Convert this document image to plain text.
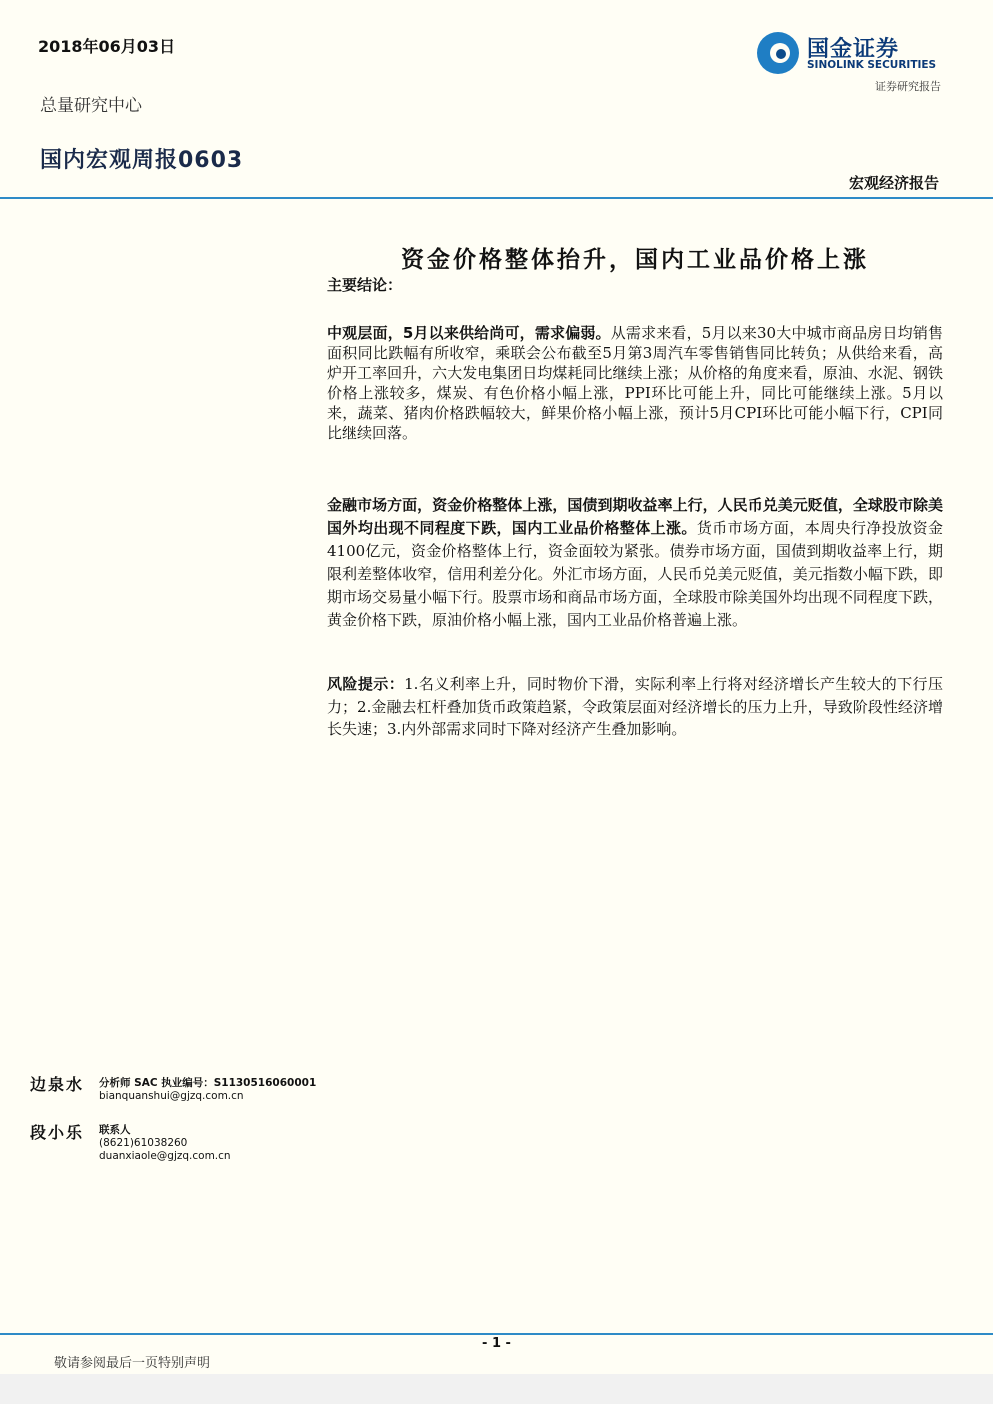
2018年06月03日
总量研究中心
国内宏观周报0603
国金证券
SINOLINK SECURITIES
证券研究报告
宏观经济报告
资金价格整体抬升，国内工业品价格上涨
主要结论：
中观层面，5月以来供给尚可，需求偏弱。从需求来看，5月以来30大中城市商品房日均销售面积同比跌幅有所收窄，乘联会公布截至5月第3周汽车零售销售同比转负；从供给来看，高炉开工率回升，六大发电集团日均煤耗同比继续上涨；从价格的角度来看，原油、水泥、钢铁价格上涨较多，煤炭、有色价格小幅上涨，PPI环比可能上升，同比可能继续上涨。5月以来，蔬菜、猪肉价格跌幅较大，鲜果价格小幅上涨，预计5月CPI环比可能小幅下行，CPI同比继续回落。
金融市场方面，资金价格整体上涨，国债到期收益率上行，人民币兑美元贬值，全球股市除美国外均出现不同程度下跌，国内工业品价格整体上涨。货币市场方面，本周央行净投放资金4100亿元，资金价格整体上行，资金面较为紧张。债券市场方面，国债到期收益率上行，期限利差整体收窄，信用利差分化。外汇市场方面，人民币兑美元贬值，美元指数小幅下跌，即期市场交易量小幅下行。股票市场和商品市场方面，全球股市除美国外均出现不同程度下跌，黄金价格下跌，原油价格小幅上涨，国内工业品价格普遍上涨。
风险提示：1.名义利率上升，同时物价下滑，实际利率上行将对经济增长产生较大的下行压力；2.金融去杠杆叠加货币政策趋紧，令政策层面对经济增长的压力上升，导致阶段性经济增长失速；3.内外部需求同时下降对经济产生叠加影响。
边泉水 分析师 SAC 执业编号：S1130516060001
bianquanshui@gjzq.com.cn
段小乐 联系人
(8621)61038260
duanxiaole@gjzq.com.cn
- 1 -
敬请参阅最后一页特别声明
